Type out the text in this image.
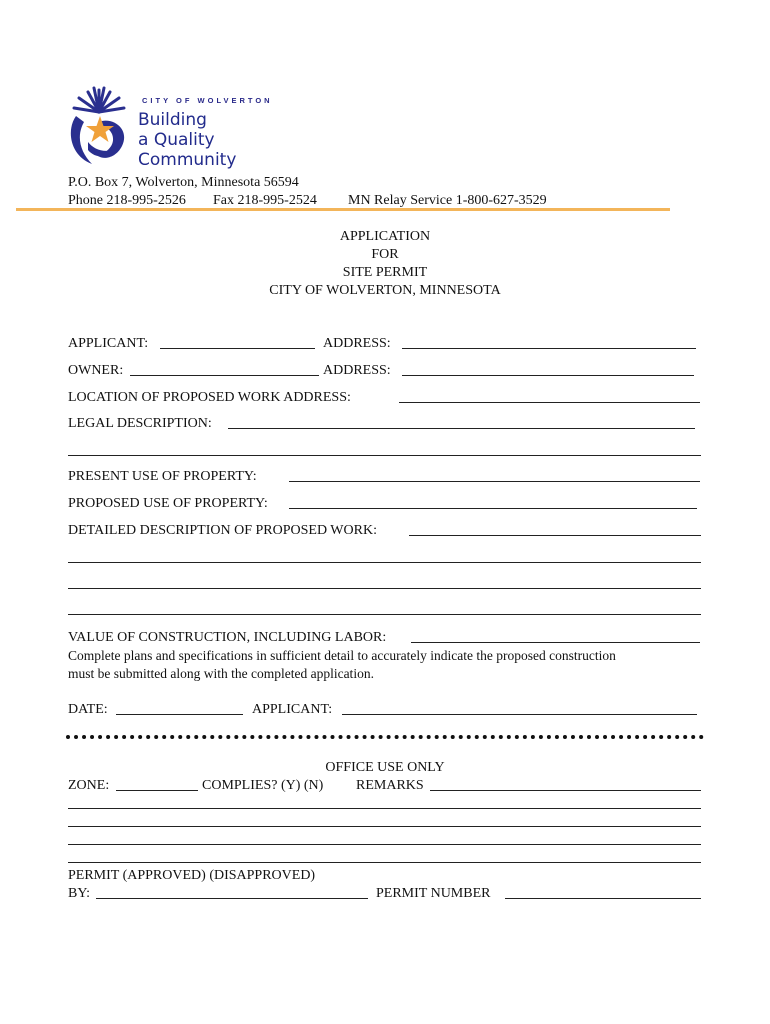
CITY OF WOLVERTON
Building
a Quality
Community
P.O. Box 7, Wolverton, Minnesota 56594
Phone 218-995-2526 Fax 218-995-2524 MN Relay Service 1-800-627-3529
APPLICATION
FOR
SITE PERMIT
CITY OF WOLVERTON, MINNESOTA
APPLICANT:	ADDRESS:
OWNER:	ADDRESS:
LOCATION OF PROPOSED WORK ADDRESS:
LEGAL DESCRIPTION:
PRESENT USE OF PROPERTY:
PROPOSED USE OF PROPERTY:
DETAILED DESCRIPTION OF PROPOSED WORK:
VALUE OF CONSTRUCTION, INCLUDING LABOR:
Complete plans and specifications in sufficient detail to accurately indicate the proposed construction
must be submitted along with the completed application.
DATE:	APPLICANT:
OFFICE USE ONLY
ZONE:	COMPLIES? (Y) (N) REMARKS
PERMIT (APPROVED) (DISAPPROVED)
BY:	PERMIT NUMBER
